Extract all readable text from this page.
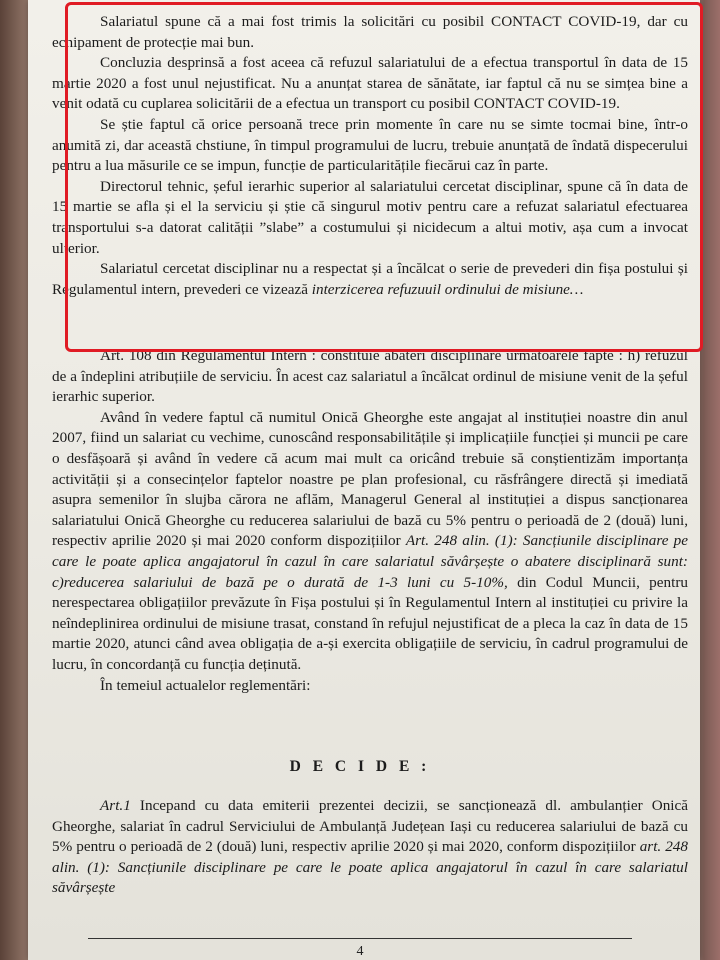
Salariatul spune că a mai fost trimis la solicitări cu posibil CONTACT COVID-19, dar cu echipament de protecție mai bun.

Concluzia desprinsă a fost aceea că refuzul salariatului de a efectua transportul în data de 15 martie 2020 a fost unul nejustificat. Nu a anunțat starea de sănătate, iar faptul că nu se simțea bine a venit odată cu cuplarea solicitării de a efectua un transport cu posibil CONTACT COVID-19.

Se știe faptul că orice persoană trece prin momente în care nu se simte tocmai bine, într-o anumită zi, dar această chstiune, în timpul programului de lucru, trebuie anunțată de îndată dispecerului pentru a lua măsurile ce se impun, funcție de particularitățile fiecărui caz în parte.

Directorul tehnic, șeful ierarhic superior al salariatului cercetat disciplinar, spune că în data de 15 martie se afla și el la serviciu și știe că singurul motiv pentru care a refuzat salariatul efectuarea transportului s-a datorat calității ”slabe” a costumului și nicidecum a altui motiv, așa cum a invocat ulterior.

Salariatul cercetat disciplinar nu a respectat și a încălcat o serie de prevederi din fișa postului și Regulamentul intern, prevederi ce vizează interzicerea refuzuuil ordinului de misiune…

Art. 108 din Regulamentul Intern : constituie abateri disciplinare următoarele fapte : h) refuzul de a îndeplini atribuțiile de serviciu. În acest caz salariatul a încălcat ordinul de misiune venit de la șeful ierarhic superior.

Având în vedere faptul că numitul Onică Gheorghe este angajat al instituției noastre din anul 2007, fiind un salariat cu vechime, cunoscând responsabilitățile și implicațiile funcției și muncii pe care o desfășoară și având în vedere că acum mai mult ca oricând trebuie să conștientizăm importanța activității și a consecințelor faptelor noastre pe plan profesional, cu răsfrângere directă și imediată asupra semenilor în slujba cărora ne aflăm, Managerul General al instituției a dispus sancționarea salariatului Onică Gheorghe cu reducerea salariului de bază cu 5% pentru o perioadă de 2 (două) luni, respectiv aprilie 2020 și mai 2020 conform dispozițiilor Art. 248 alin. (1): Sancțiunile disciplinare pe care le poate aplica angajatorul în cazul în care salariatul săvârșește o abatere disciplinară sunt: c)reducerea salariului de bază pe o durată de 1-3 luni cu 5-10%, din Codul Muncii, pentru nerespectarea obligațiilor prevăzute în Fișa postului și în Regulamentul Intern al instituției cu privire la neîndeplinirea ordinului de misiune trasat, constand în refujul nejustificat de a pleca la caz în data de 15 martie 2020, atunci când avea obligația de a-și exercita obligațiile de serviciu, în cadrul programului de lucru, în concordanță cu funcția deținută.

În temeiul actualelor reglementări:

D E C I D E :

Art.1 Incepand cu data emiterii prezentei decizii, se sancționează dl. ambulanțier Onică Gheorghe, salariat în cadrul Serviciului de Ambulanță Județean Iași cu reducerea salariului de bază cu 5% pentru o perioadă de 2 (două) luni, respectiv aprilie 2020 și mai 2020, conform dispozițiilor art. 248 alin. (1): Sancțiunile disciplinare pe care le poate aplica angajatorul în cazul în care salariatul săvârșește

4
